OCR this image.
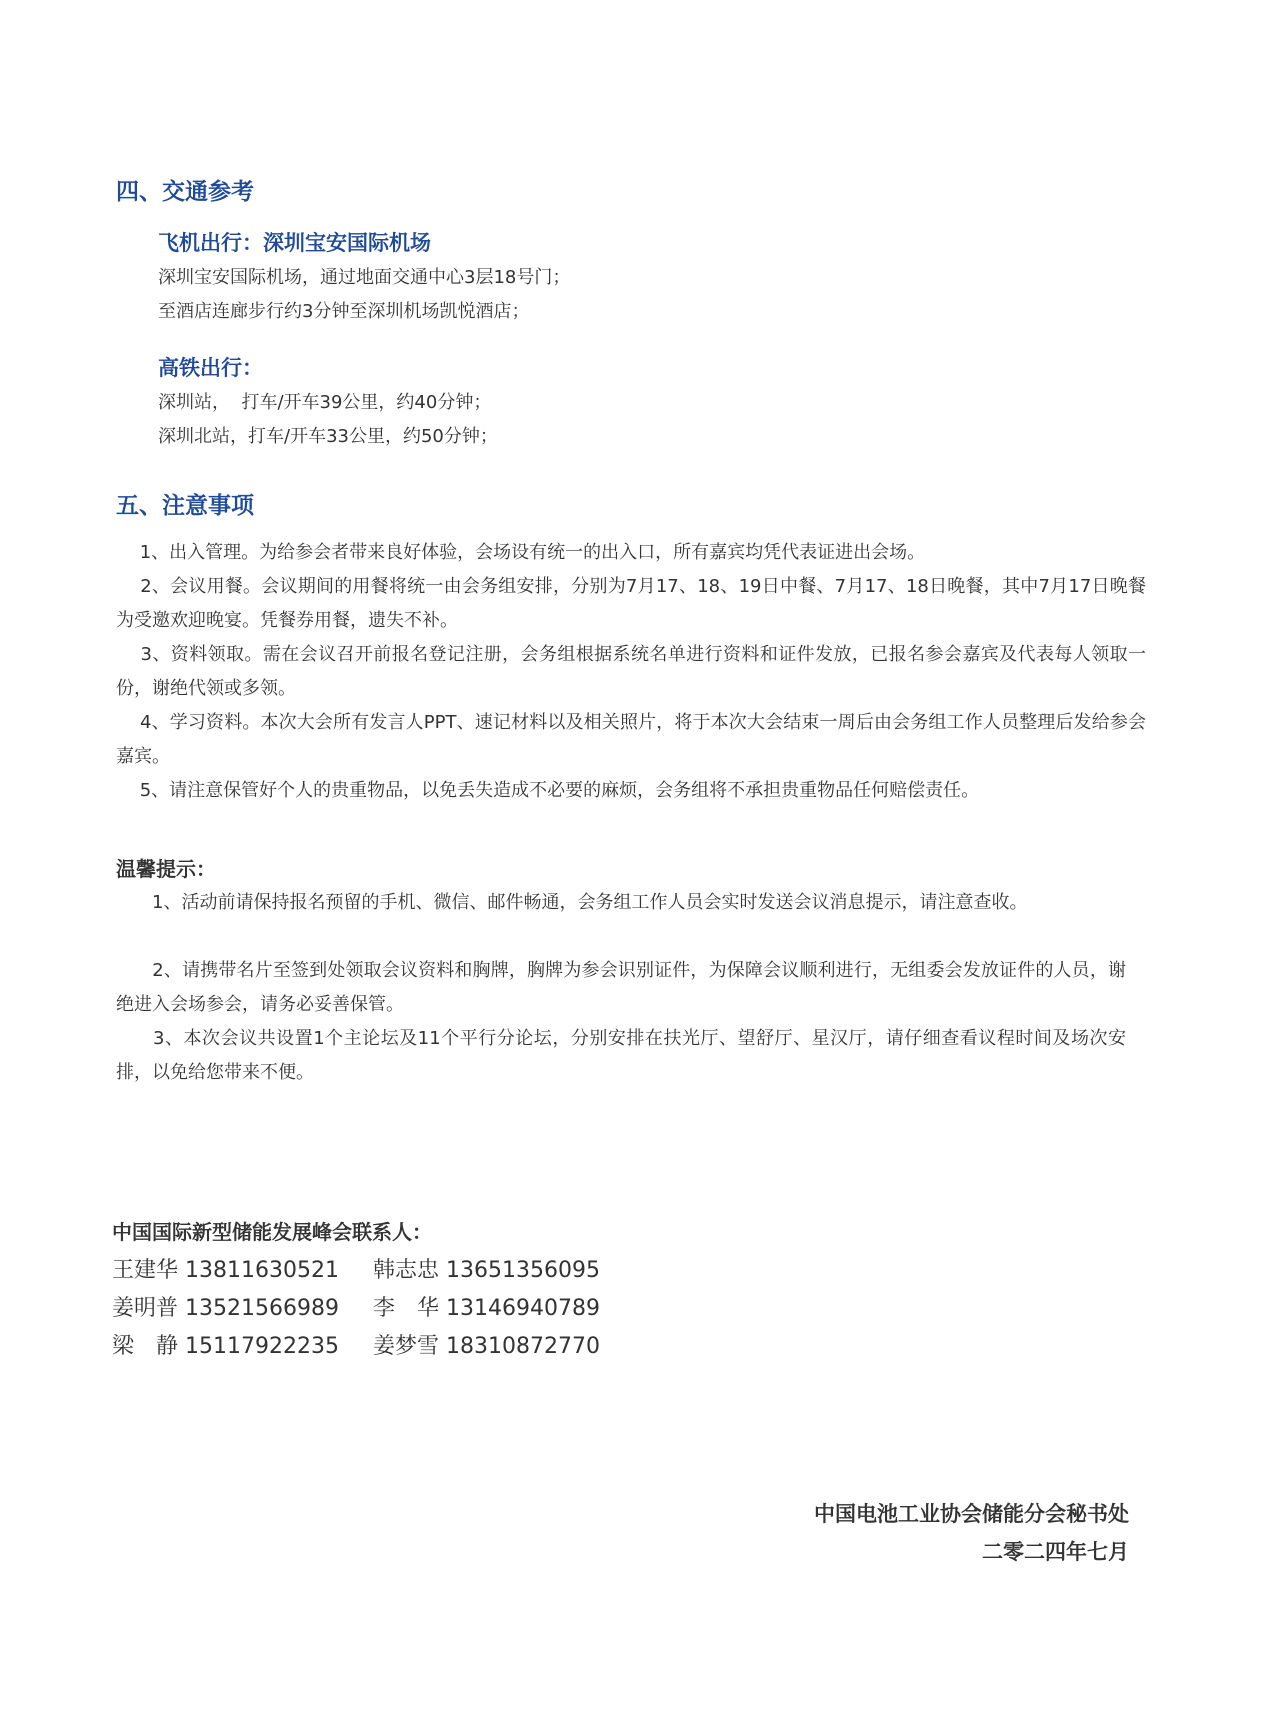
四、交通参考
飞机出行：深圳宝安国际机场

深圳宝安国际机场，通过地面交通中心3层18号门；

至酒店连廊步行约3分钟至深圳机场凯悦酒店；

高铁出行：

深圳站，  打车/开车39公里，约40分钟；

深圳北站，打车/开车33公里，约50分钟；

五、注意事项

　 1、出入管理。为给参会者带来良好体验，会场设有统一的出入口，所有嘉宾均凭代表证进出会场。

　 2、会议用餐。会议期间的用餐将统一由会务组安排，分别为7月17、18、19日中餐、7月17、18日晚餐，其中7月17日晚餐为受邀欢迎晚宴。凭餐券用餐，遗失不补。

　 3、资料领取。需在会议召开前报名登记注册，会务组根据系统名单进行资料和证件发放，已报名参会嘉宾及代表每人领取一份，谢绝代领或多领。

　 4、学习资料。本次大会所有发言人PPT、速记材料以及相关照片，将于本次大会结束一周后由会务组工作人员整理后发给参会嘉宾。

　 5、请注意保管好个人的贵重物品，以免丢失造成不必要的麻烦，会务组将不承担贵重物品任何赔偿责任。

温馨提示：

　　1、活动前请保持报名预留的手机、微信、邮件畅通，会务组工作人员会实时发送会议消息提示，请注意查收。

　　2、请携带名片至签到处领取会议资料和胸牌，胸牌为参会识别证件，为保障会议顺利进行，无组委会发放证件的人员，谢绝进入会场参会，请务必妥善保管。

　　3、本次会议共设置1个主论坛及11个平行分论坛，分别安排在扶光厅、望舒厅、星汉厅，请仔细查看议程时间及场次安排，以免给您带来不便。

中国国际新型储能发展峰会联系人：

王建华 13811630521 韩志忠 13651356095

姜明普 13521566989 李　华 13146940789

梁　静 15117922235 姜梦雪 18310872770

中国电池工业协会储能分会秘书处

二零二四年七月
